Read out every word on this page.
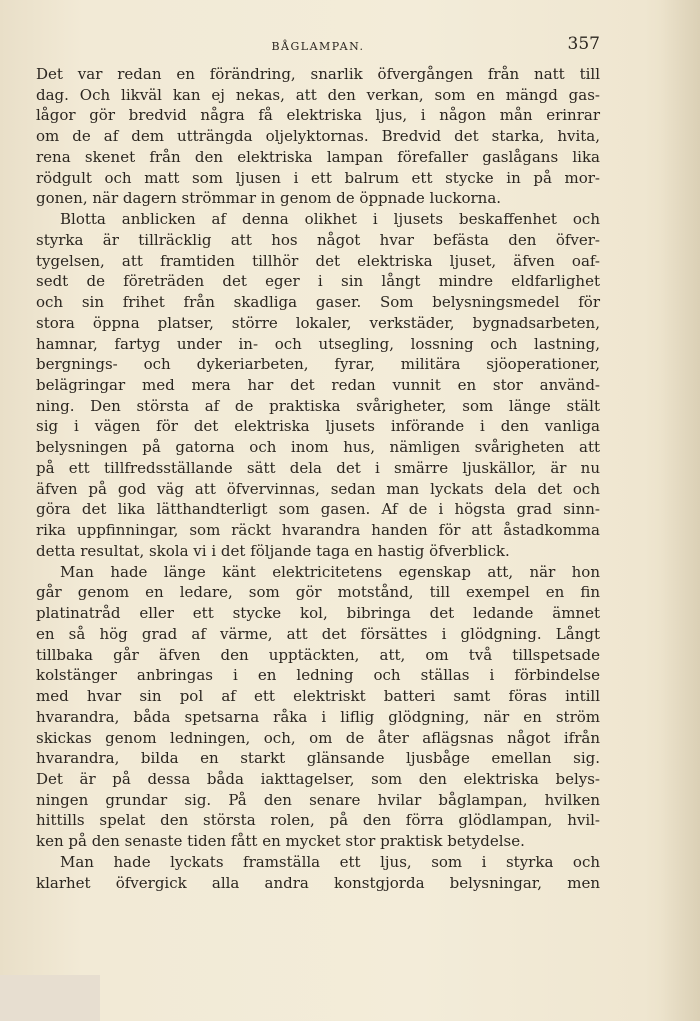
BÅGLAMPAN.	357
Det var redan en förändring, snarlik öfvergången från natt till
dag. Och likväl kan ej nekas, att den verkan, som en mängd gas-
lågor gör bredvid några få elektriska ljus, i någon mån erinrar
om de af dem utträngda oljelyktornas. Bredvid det starka, hvita,
rena skenet från den elektriska lampan förefaller gaslågans lika
rödgult och matt som ljusen i ett balrum ett stycke in på mor-
gonen, när dagern strömmar in genom de öppnade luckorna.
Blotta anblicken af denna olikhet i ljusets beskaffenhet och
styrka är tillräcklig att hos något hvar befästa den öfver-
tygelsen, att framtiden tillhör det elektriska ljuset, äfven oaf-
sedt de företräden det eger i sin långt mindre eldfarlighet
och sin frihet från skadliga gaser. Som belysningsmedel för
stora öppna platser, större lokaler, verkstäder, bygnadsarbeten,
hamnar, fartyg under in- och utsegling, lossning och lastning,
bergnings- och dykeriarbeten, fyrar, militära sjöoperationer,
belägringar med mera har det redan vunnit en stor använd-
ning. Den största af de praktiska svårigheter, som länge stält
sig i vägen för det elektriska ljusets införande i den vanliga
belysningen på gatorna och inom hus, nämligen svårigheten att
på ett tillfredsställande sätt dela det i smärre ljuskällor, är nu
äfven på god väg att öfvervinnas, sedan man lyckats dela det och
göra det lika lätthandterligt som gasen. Af de i högsta grad sinn-
rika uppfinningar, som räckt hvarandra handen för att åstadkomma
detta resultat, skola vi i det följande taga en hastig öfverblick.
Man hade länge känt elektricitetens egenskap att, när hon
går genom en ledare, som gör motstånd, till exempel en fin
platinatråd eller ett stycke kol, bibringa det ledande ämnet
en så hög grad af värme, att det försättes i glödgning. Långt
tillbaka går äfven den upptäckten, att, om två tillspetsade
kolstänger anbringas i en ledning och ställas i förbindelse
med hvar sin pol af ett elektriskt batteri samt föras intill
hvarandra, båda spetsarna råka i liflig glödgning, när en ström
skickas genom ledningen, och, om de åter aflägsnas något ifrån
hvarandra, bilda en starkt glänsande ljusbåge emellan sig.
Det är på dessa båda iakttagelser, som den elektriska belys-
ningen grundar sig. På den senare hvilar båglampan, hvilken
hittills spelat den största rolen, på den förra glödlampan, hvil-
ken på den senaste tiden fått en mycket stor praktisk betydelse.
Man hade lyckats framställa ett ljus, som i styrka och
klarhet öfvergick alla andra konstgjorda belysningar, men
